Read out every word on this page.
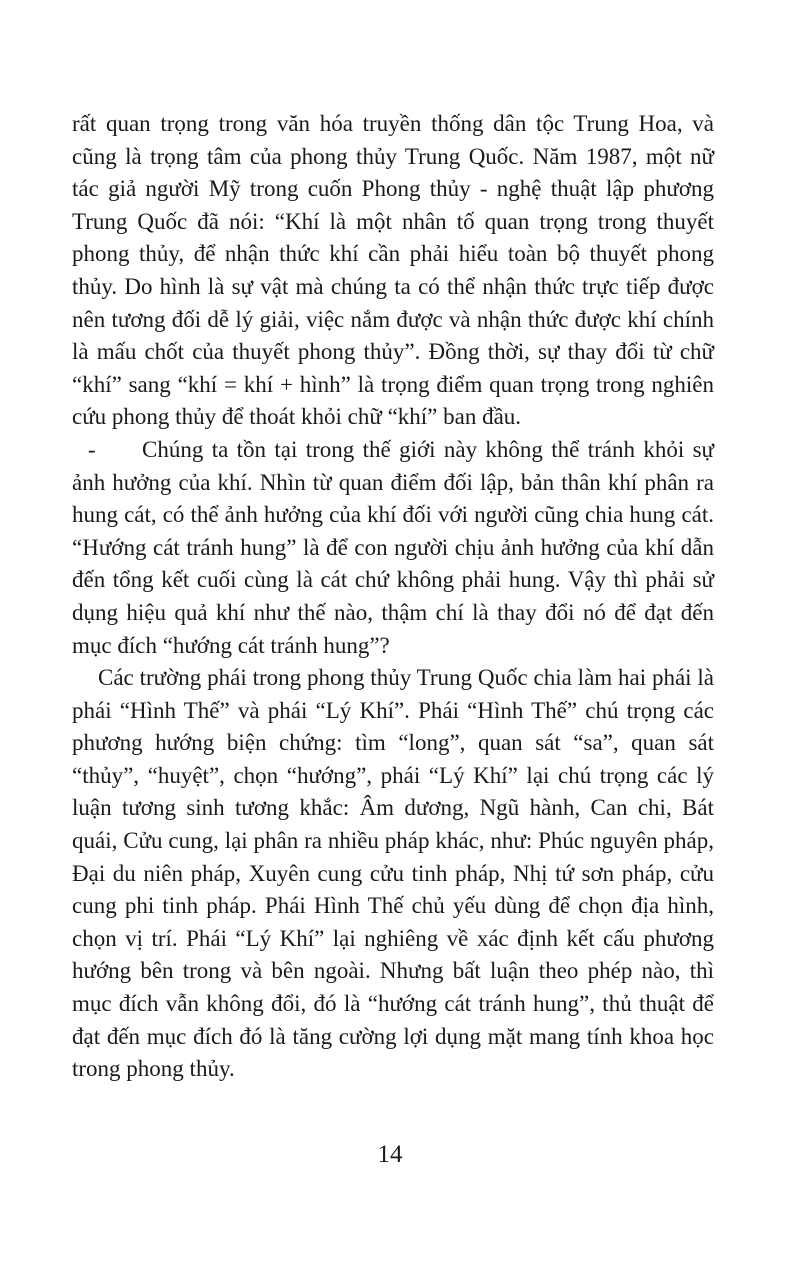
rất quan trọng trong văn hóa truyền thống dân tộc Trung Hoa, và cũng là trọng tâm của phong thủy Trung Quốc. Năm 1987, một nữ tác giả người Mỹ trong cuốn Phong thủy - nghệ thuật lập phương Trung Quốc đã nói: “Khí là một nhân tố quan trọng trong thuyết phong thủy, để nhận thức khí cần phải hiểu toàn bộ thuyết phong thủy. Do hình là sự vật mà chúng ta có thể nhận thức trực tiếp được nên tương đối dễ lý giải, việc nắm được và nhận thức được khí chính là mấu chốt của thuyết phong thủy”. Đồng thời, sự thay đổi từ chữ “khí” sang “khí = khí + hình” là trọng điểm quan trọng trong nghiên cứu phong thủy để thoát khỏi chữ “khí” ban đầu.

- Chúng ta tồn tại trong thế giới này không thể tránh khỏi sự ảnh hưởng của khí. Nhìn từ quan điểm đối lập, bản thân khí phân ra hung cát, có thể ảnh hưởng của khí đối với người cũng chia hung cát. “Hướng cát tránh hung” là để con người chịu ảnh hưởng của khí dẫn đến tổng kết cuối cùng là cát chứ không phải hung. Vậy thì phải sử dụng hiệu quả khí như thế nào, thậm chí là thay đổi nó để đạt đến mục đích “hướng cát tránh hung”?

Các trường phái trong phong thủy Trung Quốc chia làm hai phái là phái “Hình Thế” và phái “Lý Khí”. Phái “Hình Thế” chú trọng các phương hướng biện chứng: tìm “long”, quan sát “sa”, quan sát “thủy”, “huyệt”, chọn “hướng”, phái “Lý Khí” lại chú trọng các lý luận tương sinh tương khắc: Âm dương, Ngũ hành, Can chi, Bát quái, Cửu cung, lại phân ra nhiều pháp khác, như: Phúc nguyên pháp, Đại du niên pháp, Xuyên cung cửu tinh pháp, Nhị tứ sơn pháp, cửu cung phi tinh pháp. Phái Hình Thế chủ yếu dùng để chọn địa hình, chọn vị trí. Phái “Lý Khí” lại nghiêng về xác định kết cấu phương hướng bên trong và bên ngoài. Nhưng bất luận theo phép nào, thì mục đích vẫn không đổi, đó là “hướng cát tránh hung”, thủ thuật để đạt đến mục đích đó là tăng cường lợi dụng mặt mang tính khoa học trong phong thủy.

14
